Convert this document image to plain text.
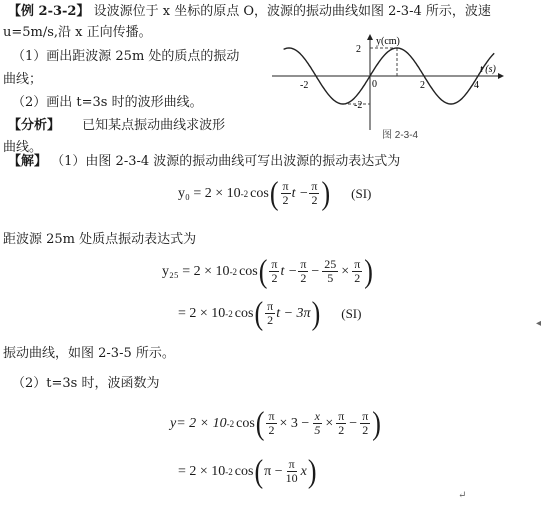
【例 2-3-2】 设波源位于 x 坐标的原点 O，波源的振动曲线如图 2-3-4 所示，波速
u=5m/s,沿 x 正向传播。
（1）画出距波源 25m 处的质点的振动
曲线；
（2）画出 t=3s 时的波形曲线。
【分析】 已知某点振动曲线求波形
曲线。
2
-2
0
-2	2	4
y(cm)
t (s)
图 2-3-4
【解】 （1）由图 2-3-4 波源的振动曲线可写出波源的振动表达式为
y₀ = 2 × 10 -2 cos ( $\frac{\pi}{2}$ $t - \frac{\pi}{2}$ ) (SI)
距波源 25m 处质点振动表达式为
y₂₅ = 2 × 10 -2 cos ( $\frac{\pi}{2}$ $t - \frac{\pi}{2} - \frac{25}{5} \times \frac{\pi}{2}$ )
= 2 × 10 -2 cos ( $\frac{\pi}{2}$ t − 3π ) (SI)
◂
振动曲线，如图 2-3-5 所示。
（2）t=3s 时，波函数为
y= 2 × 10 -2 cos ( $\frac{\pi}{2} \times 3 - \frac{x}{5} \times \frac{\pi}{2} - \frac{\pi}{2}$ )
= 2 × 10 -2 cos ( $\pi - \frac{\pi}{10}$ x )
↵
